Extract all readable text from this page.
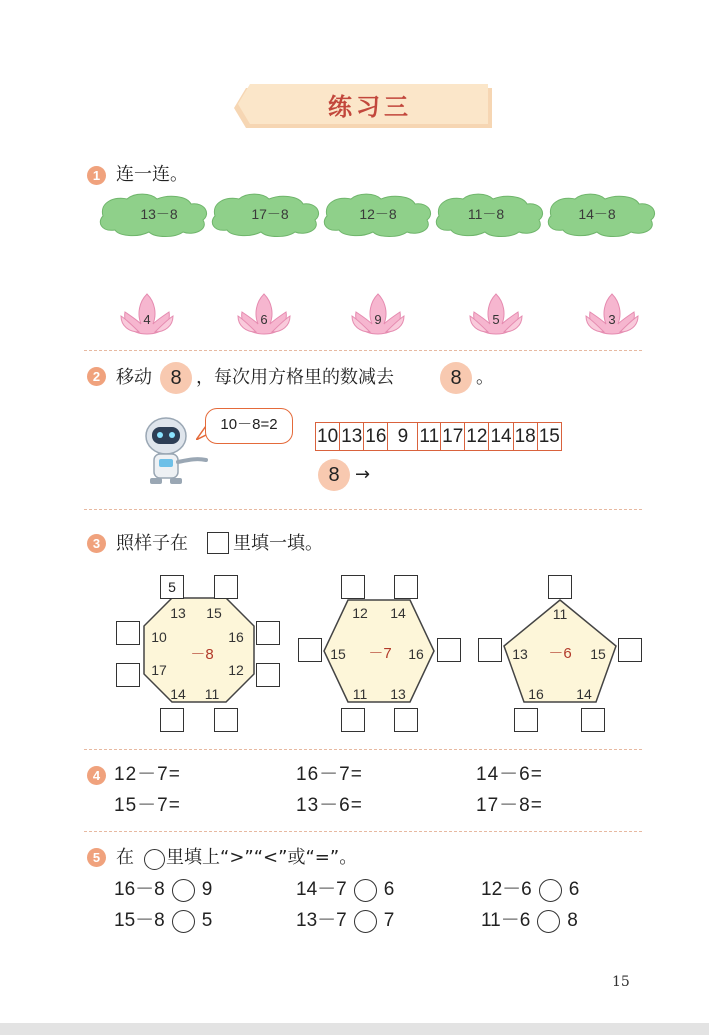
练习三
1 连一连。
13－8	17－8	12－8	11－8	14－8
4	6	9	5	3
2 移动 8 ，每次用方格里的数减去	8 。
10－8=2
10 13 16 9 11 17 12 14 18 15
8 →
3 照样子在	里填一填。
5
13	15
10	16
17	12
14	11
－8
12	14
15	16
11	13
－7
11
13	15
16	14
－6
4 12－7=	16－7=	14－6=
15－7=	13－6=	17－8=
5 在 里填上“>”“<”或“=”。
16－8 9	14－7 6	12－6 6
15－8 5	13－7 7	11－6 8
15
